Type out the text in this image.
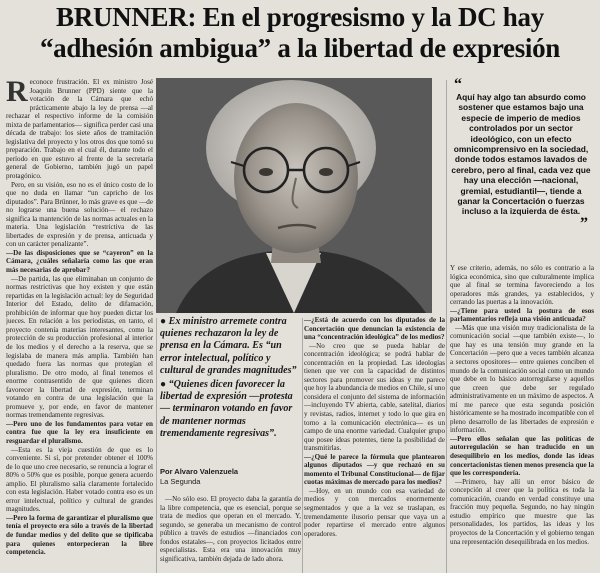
BRUNNER: En el progresismo y la DC hay
“adhesión ambigua” a la libertad de expresión
R econoce frustración. El ex ministro José Joaquín Brunner (PPD) siente que la votación de la Cámara que echó prácticamente abajo la ley de prensa —al rechazar el respectivo informe de la comisión mixta de parlamentarios— significa perder casi una década de trabajo: los siete años de tramitación legislativa del proyecto y los otros dos que tomó su preparación. Trabajo en el cual él, durante todo el período en que estuvo al frente de la secretaría general de Gobierno, también jugó un papel protagónico.

Pero, en su visión, eso no es el único costo de lo que no duda en llamar “un capricho de los diputados”. Para Brünner, lo más grave es que —de no lograrse una buena solución— el rechazo significa la mantención de las normas actuales en la materia. Una legislación “restrictiva de las libertades de expresión y de prensa, anticuada y con un carácter penalizante”.

—De las disposiciones que se “cayeron” en la Cámara, ¿cuáles señalaría como las que eran más necesarias de aprobar?

—De partida, las que eliminaban un conjunto de normas restrictivas que hoy existen y que están repartidas en la legislación actual: ley de Seguridad Interior del Estado, delito de difamación, prohibición de informar que hoy pueden dictar los jueces. En relación a los periodistas, en tanto, el proyecto contenía materias interesantes, como la protección de su producción profesional al interior de los medios y el derecho a la reserva, que se legislaba de manera más amplia. También han quedado fuera las normas que protegían el pluralismo. De otro modo, al final tenemos el enorme contrasentido de que quienes dicen favorecer la libertad de expresión, terminan votando en contra de una legislación que la promueve y, por ende, en favor de mantener normas tremendamente regresivas.

—Pero uno de los fundamentos para votar en contra fue que la ley era insuficiente en resguardar el pluralismo.

—Esta es la vieja cuestión de que es lo conveniente. Si sí, por pretender obtener el 100% de lo que uno cree necesario, se renuncia a lograr el 80% o 50% que es posible, porque genera acuerdo amplio. El pluralismo salía claramente fortalecido con esta legislación. Haber votado contra eso es un error intelectual, político y cultural de grandes magnitudes.

—Pero la forma de garantizar el pluralismo que tenía el proyecto era sólo a través de la libertad de fundar medios y del delito que se tipificaba para quienes entorpecieran la libre competencia.

“
Aquí hay algo tan absurdo como sostener que estamos bajo una especie de imperio de medios controlados por un sector ideológico, con un efecto omnicomprensivo en la sociedad, donde todos estamos lavados de cerebro, pero al final, cada vez que hay una elección —nacional, gremial, estudiantil—, tiende a ganar la Concertación o fuerzas incluso a la izquierda de ésta.
”

● Ex ministro arremete contra quienes rechazaron la ley de prensa en la Cámara. Es “un error intelectual, político y cultural de grandes magnitudes”

● “Quienes dicen favorecer la libertad de expresión —protesta— terminaron votando en favor de mantener normas tremendamente regresivas”.

Por Alvaro Valenzuela
La Segunda

—No sólo eso. El proyecto daba la garantía de la libre competencia, que es esencial, porque se trata de medios que operan en el mercado. Y, segundo, se generaba un mecanismo de control público a través de estudios —financiados con fondos estatales—, con proyectos licitados entre especialistas. Esta era una innovación muy significativa, también dejada de lado ahora.

—¿Está de acuerdo con los diputados de la Concertación que denuncian la existencia de una “concentración ideológica” de los medios?

—No creo que se pueda hablar de concentración ideológica; se podrá hablar de concentración en la propiedad. Las ideologías tienen que ver con la capacidad de distintos sectores para promover sus ideas y me parece que hoy la abundancia de medios en Chile, sí uno considera el conjunto del sistema de información —incluyendo TV abierta, cable, satelital, diarios y revistas, radios, internet y todo lo que gira en torno a la comunicación electrónica— es un campo de una enorme variedad. Cualquier grupo que posee ideas potentes, tiene la posibilidad de transmitirlas.

—¿Qué le parece la fórmula que plantearon algunos diputados —y que rechazó en su momento el Tribunal Constitucional— de fijar cuotas máximas de mercado para los medios?

—Hoy, en un mundo con esa variedad de medios y con mercados enormemente segmentados y que a la vez se traslapan, es tremendamente ilusorio pensar que vaya un a poder repartirse el mercado entre algunos operadores.

Y ese criterio, además, no sólo es contrario a la lógica económica, sino que culturalmente implica que al final se termina favoreciendo a los operadores más grandes, ya establecidos, y cerrando las puertas a la innovación.

—¿Tiene para usted la postura de esos parlamentarios refleja una visión anticuada?

—Más que una visión muy tradicionalista de la comunicación social —que también existe—, lo que hay es una tensión muy grande en la Concertación —pero que a veces también alcanza a sectores opositores— entre quienes conciben el mundo de la comunicación social como un mundo que debe en lo básico autorregularse y aquellos que creen que debe ser regulado administrativamente en un máximo de aspectos. A mí me parece que esta segunda posición históricamente se ha mostrado incompatible con el pleno desarrollo de las libertades de expresión e información.

—Pero ellos señalan que las políticas de autorregulación se han traducido en un desequilibrio en los medios, donde las ideas concertacionistas tienen menos presencia que la que les correspondería.

—Primero, hay allí un error básico de concepción al creer que la política es toda la comunicación, cuando en verdad constituye una fracción muy pequeña. Segundo, no hay ningún estudio empírico que muestre que las personalidades, los partidos, las ideas y los proyectos de la Concertación y el gobierno tengan una representación desequilibrada en los medios.
